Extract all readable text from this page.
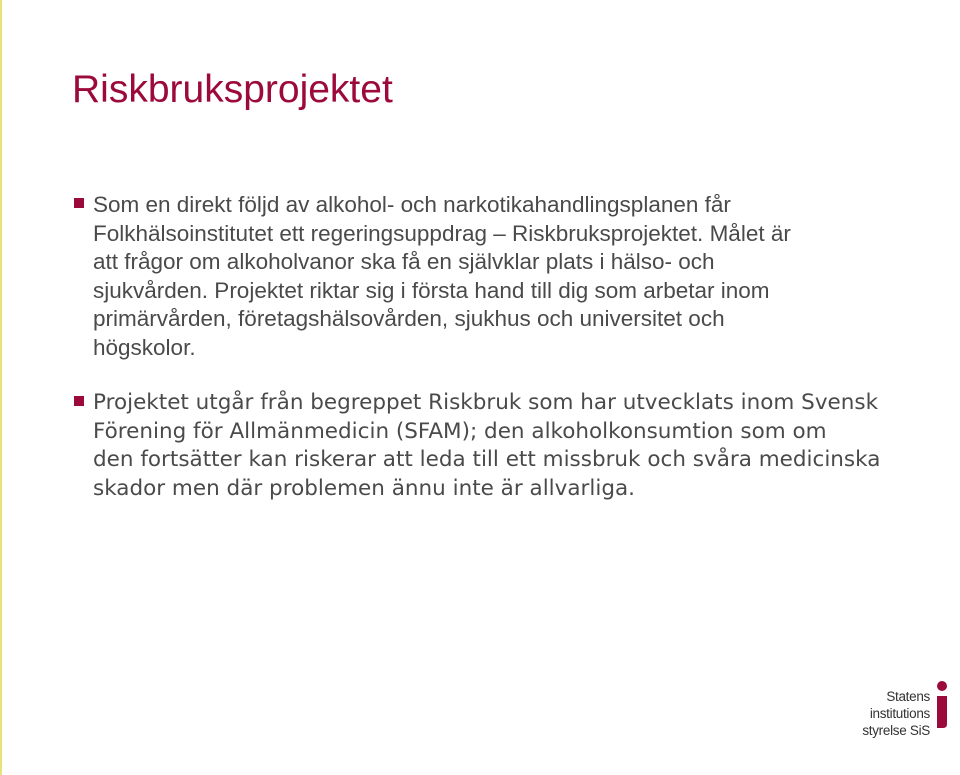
Riskbruksprojektet
Som en direkt följd av alkohol- och narkotikahandlingsplanen får
Folkhälsoinstitutet ett regeringsuppdrag – Riskbruksprojektet. Målet är
att frågor om alkoholvanor ska få en självklar plats i hälso- och
sjukvården. Projektet riktar sig i första hand till dig som arbetar inom
primärvården, företagshälsovården, sjukhus och universitet och
högskolor.
Projektet utgår från begreppet Riskbruk som har utvecklats inom Svensk
Förening för Allmänmedicin (SFAM); den alkoholkonsumtion som om
den fortsätter kan riskerar att leda till ett missbruk och svåra medicinska
skador men där problemen ännu inte är allvarliga.
Statens
institutions
styrelse SiS
